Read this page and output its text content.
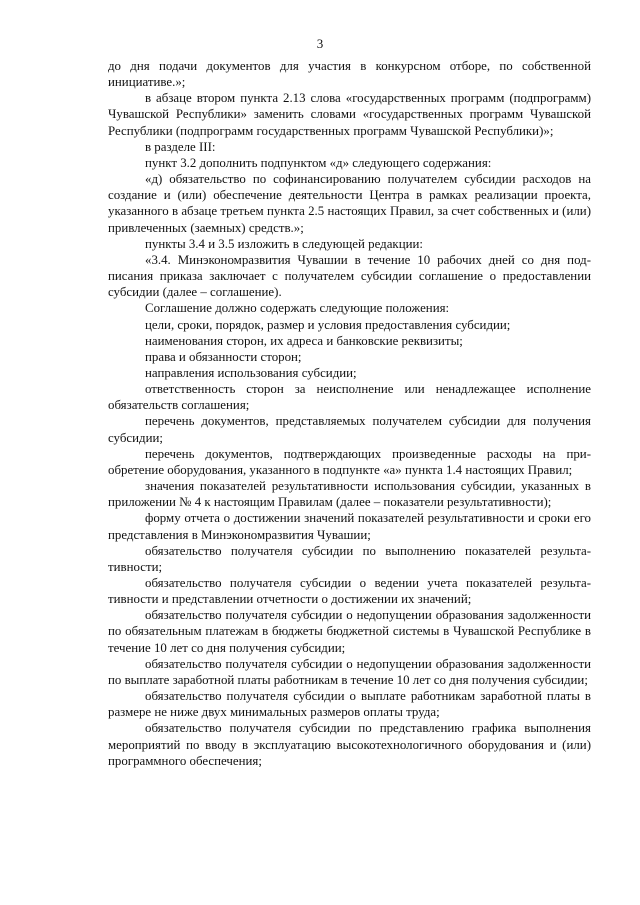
3

до дня подачи документов для участия в конкурсном отборе, по собственной инициативе.»;

в абзаце втором пункта 2.13 слова «государственных программ (подпрограмм) Чувашской Республики» заменить словами «государственных программ Чувашской Республики (подпрограмм государственных программ Чувашской Республики)»;

в разделе III:

пункт 3.2 дополнить подпунктом «д» следующего содержания:

«д) обязательство по софинансированию получателем субсидии расходов на создание и (или) обеспечение деятельности Центра в рамках реализации проекта, указанного в абзаце третьем пункта 2.5 настоящих Правил, за счет собственных и (или) привлеченных (заемных) средств.»;

пункты 3.4 и 3.5 изложить в следующей редакции:

«3.4. Минэкономразвития Чувашии в течение 10 рабочих дней со дня подписания приказа заключает с получателем субсидии соглашение о предоставлении субсидии (далее – соглашение).

Соглашение должно содержать следующие положения:

цели, сроки, порядок, размер и условия предоставления субсидии;

наименования сторон, их адреса и банковские реквизиты;

права и обязанности сторон;

направления использования субсидии;

ответственность сторон за неисполнение или ненадлежащее исполнение обязательств соглашения;

перечень документов, представляемых получателем субсидии для получения субсидии;

перечень документов, подтверждающих произведенные расходы на приобретение оборудования, указанного в подпункте «а» пункта 1.4 настоящих Правил;

значения показателей результативности использования субсидии, указанных в приложении № 4 к настоящим Правилам (далее – показатели результативности);

форму отчета о достижении значений показателей результативности и сроки его представления в Минэкономразвития Чувашии;

обязательство получателя субсидии по выполнению показателей результативности;

обязательство получателя субсидии о ведении учета показателей результативности и представлении отчетности о достижении их значений;

обязательство получателя субсидии о недопущении образования задолженности по обязательным платежам в бюджеты бюджетной системы в Чувашской Республике в течение 10 лет со дня получения субсидии;

обязательство получателя субсидии о недопущении образования задолженности по выплате заработной платы работникам в течение 10 лет со дня получения субсидии;

обязательство получателя субсидии о выплате работникам заработной платы в размере не ниже двух минимальных размеров оплаты труда;

обязательство получателя субсидии по представлению графика выполнения мероприятий по вводу в эксплуатацию высокотехнологичного оборудования и (или) программного обеспечения;
